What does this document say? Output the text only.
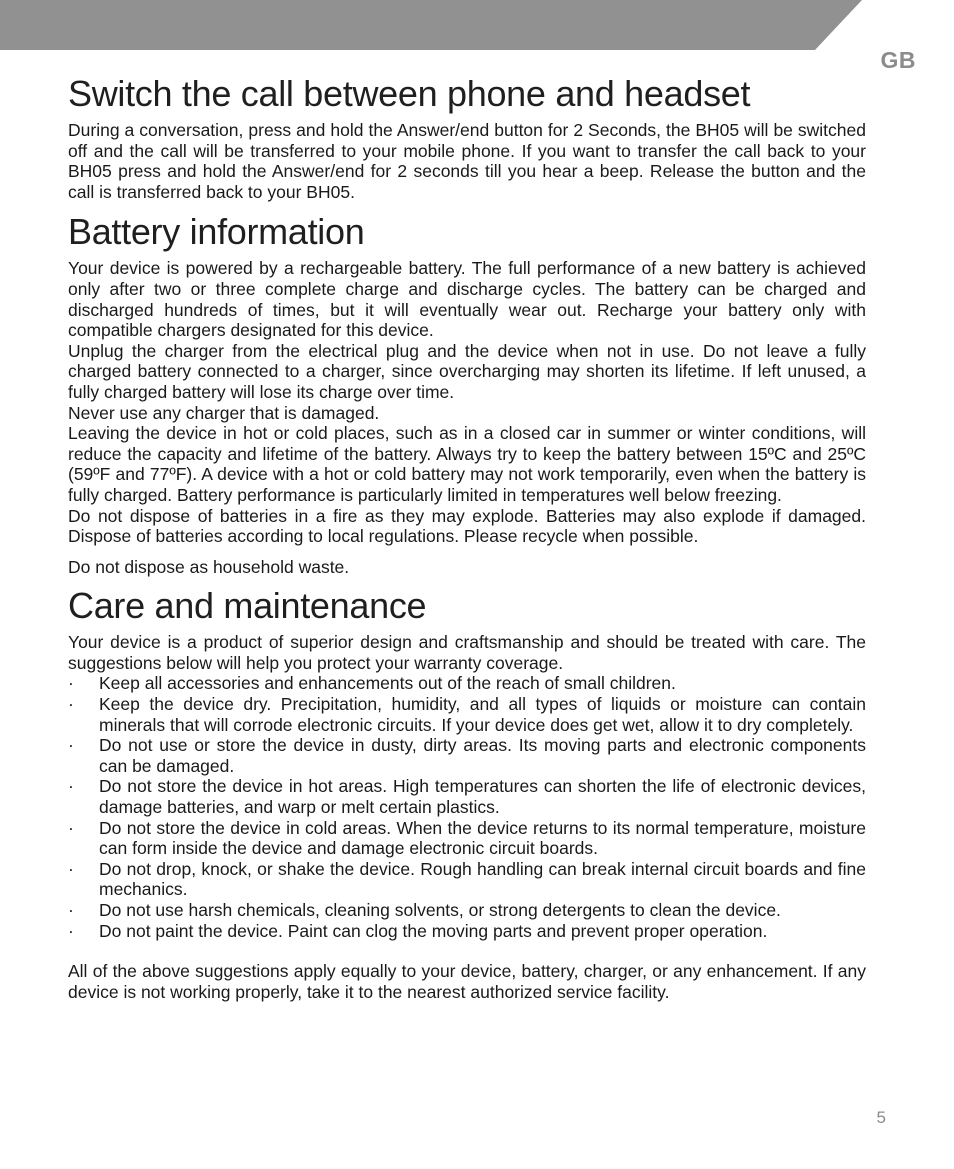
GB
Switch the call between phone and headset

During a conversation, press and hold the Answer/end button for 2 Seconds, the BH05 will be switched off and the call will be transferred to your mobile phone. If you want to transfer the call back to your BH05 press and hold the Answer/end for 2 seconds till you hear a beep. Release the button and the call is transferred back to your BH05.

Battery information

Your device is powered by a rechargeable battery. The full performance of a new battery is achieved only after two or three complete charge and discharge cycles. The battery can be charged and discharged hundreds of times, but it will eventually wear out. Recharge your battery only with compatible chargers designated for this device.

Unplug the charger from the electrical plug and the device when not in use. Do not leave a fully charged battery connected to a charger, since overcharging may shorten its lifetime. If left unused, a fully charged battery will lose its charge over time.

Never use any charger that is damaged.

Leaving the device in hot or cold places, such as in a closed car in summer or winter conditions, will reduce the capacity and lifetime of the battery. Always try to keep the battery between 15ºC and 25ºC (59ºF and 77ºF). A device with a hot or cold battery may not work temporarily, even when the battery is fully charged. Battery performance is particularly limited in temperatures well below freezing.

Do not dispose of batteries in a fire as they may explode. Batteries may also explode if damaged. Dispose of batteries according to local regulations. Please recycle when possible.

Do not dispose as household waste.

Care and maintenance

Your device is a product of superior design and craftsmanship and should be treated with care. The suggestions below will help you protect your warranty coverage.

· Keep all accessories and enhancements out of the reach of small children.
· Keep the device dry. Precipitation, humidity, and all types of liquids or moisture can contain minerals that will corrode electronic circuits. If your device does get wet, allow it to dry completely.
· Do not use or store the device in dusty, dirty areas. Its moving parts and electronic components can be damaged.
· Do not store the device in hot areas. High temperatures can shorten the life of electronic devices, damage batteries, and warp or melt certain plastics.
· Do not store the device in cold areas. When the device returns to its normal temperature, moisture can form inside the device and damage electronic circuit boards.
· Do not drop, knock, or shake the device. Rough handling can break internal circuit boards and fine mechanics.
· Do not use harsh chemicals, cleaning solvents, or strong detergents to clean the device.
· Do not paint the device. Paint can clog the moving parts and prevent proper operation.

All of the above suggestions apply equally to your device, battery, charger, or any enhancement. If any device is not working properly, take it to the nearest authorized service facility.

5
